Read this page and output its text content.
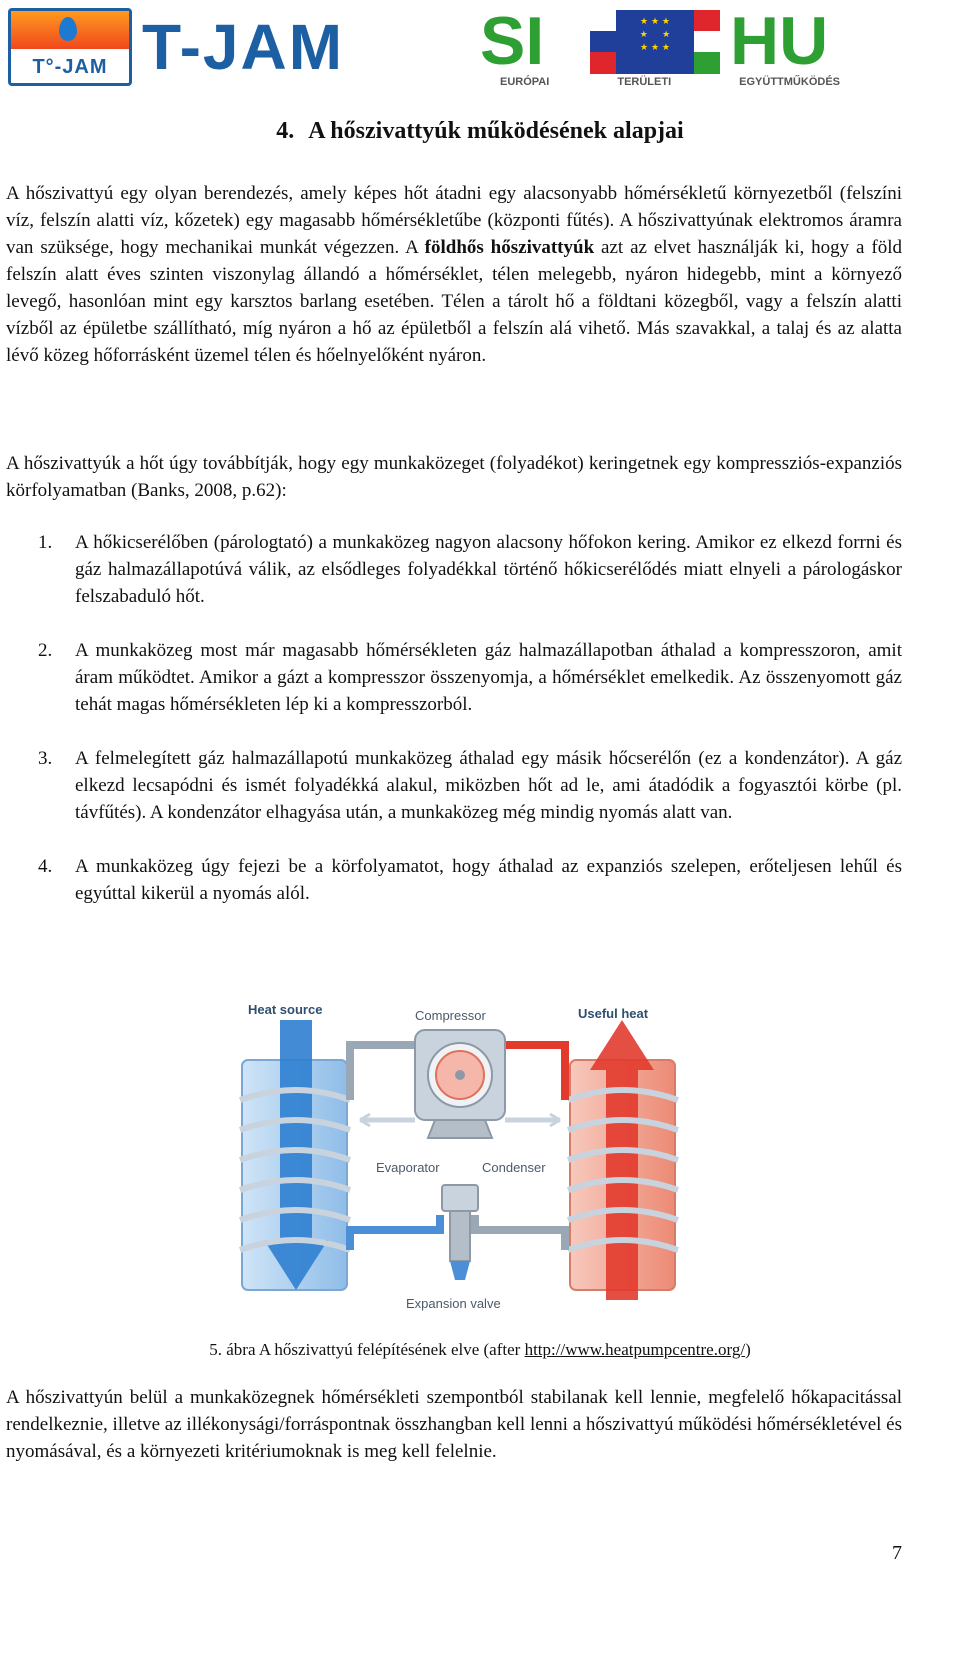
T°-JAM T-JAM SI	★ ★ ★
★     ★
★ ★ ★ HU
EURÓPAI	TERÜLETI	EGYÜTTMŰKÖDÉS
4. A hőszivattyúk működésének alapjai

A hőszivattyú egy olyan berendezés, amely képes hőt átadni egy alacsonyabb hőmérsékletű környezetből (felszíni víz, felszín alatti víz, kőzetek) egy magasabb hőmérsékletűbe (központi fűtés). A hőszivattyúnak elektromos áramra van szüksége, hogy mechanikai munkát végezzen. A földhős hőszivattyúk azt az elvet használják ki, hogy a föld felszín alatt éves szinten viszonylag állandó a hőmérséklet, télen melegebb, nyáron hidegebb, mint a környező levegő, hasonlóan mint egy karsztos barlang esetében. Télen a tárolt hő a földtani közegből, vagy a felszín alatti vízből az épületbe szállítható, míg nyáron a hő az épületből a felszín alá vihető. Más szavakkal, a talaj és az alatta lévő közeg hőforrásként üzemel télen és hőelnyelőként nyáron.

A hőszivattyúk a hőt úgy továbbítják, hogy egy munkaközeget (folyadékot) keringetnek egy kompressziós-expanziós körfolyamatban (Banks, 2008, p.62):

1. A hőkicserélőben (párologtató) a munkaközeg nagyon alacsony hőfokon kering. Amikor ez elkezd forrni és gáz halmazállapotúvá válik, az elsődleges folyadékkal történő hőkicserélődés miatt elnyeli a párologáskor felszabaduló hőt.
2. A munkaközeg most már magasabb hőmérsékleten gáz halmazállapotban áthalad a kompresszoron, amit áram működtet. Amikor a gázt a kompresszor összenyomja, a hőmérséklet emelkedik. Az összenyomott gáz tehát magas hőmérsékleten lép ki a kompresszorból.
3. A felmelegített gáz halmazállapotú munkaközeg áthalad egy másik hőcserélőn (ez a kondenzátor). A gáz elkezd lecsapódni és ismét folyadékká alakul, miközben hőt ad le, ami átadódik a fogyasztói körbe (pl. távfűtés). A kondenzátor elhagyása után, a munkaközeg még mindig nyomás alatt van.
4. A munkaközeg úgy fejezi be a körfolyamatot, hogy áthalad az expanziós szelepen, erőteljesen lehűl és egyúttal kikerül a nyomás alól.
Heat source	Useful heat
Compressor
Evaporator	Condenser
Expansion valve
5. ábra A hőszivattyú felépítésének elve (after http://www.heatpumpcentre.org/)

A hőszivattyún belül a munkaközegnek hőmérsékleti szempontból stabilanak kell lennie, megfelelő hőkapacitással rendelkeznie, illetve az illékonysági/forráspontnak összhangban kell lenni a hőszivattyú működési hőmérsékletével és nyomásával, és a környezeti kritériumoknak is meg kell felelnie.

7
